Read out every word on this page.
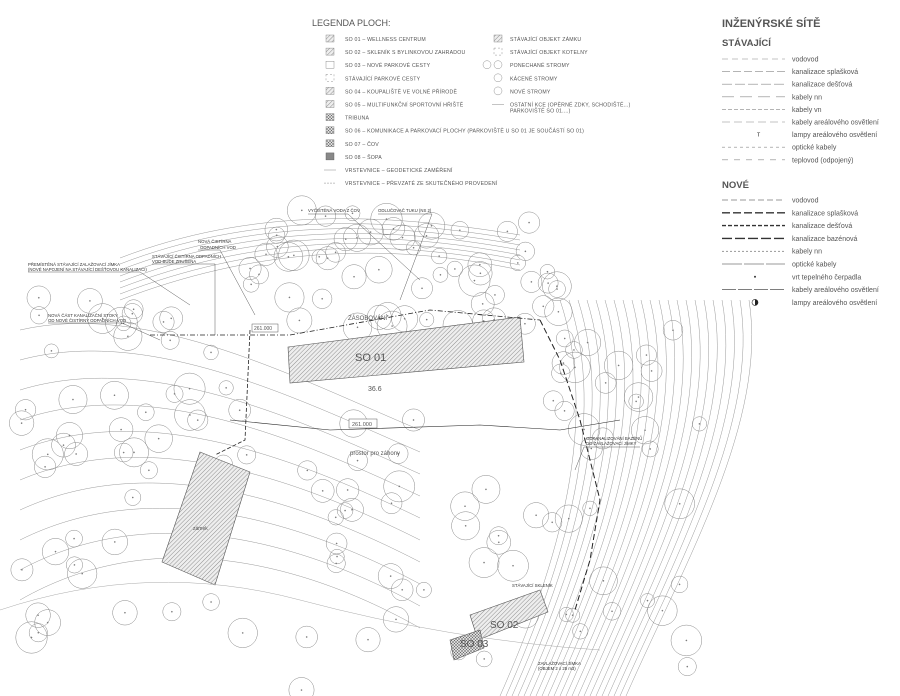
SO 01
SO 02
SO 03
ZÁSOBOVÁNÍ
36.6
261.000
261.000
prostor pro záhony
zámek
VYČIŠTĚNÁ VODA Z ČOV	ODLUČOVAČ TUKU (NS 2)
NOVÁ ČISTÍRNA
ODPADNÍCH VOD
STÁVAJÍCÍ ČISTÍRNA ODPADNÍCH
VOD BUDE ZRUŠENA
PŘEMÍSTĚNÁ STÁVAJÍCÍ ZALAŽOVACÍ JÍMKA
(NOVÉ NAPOJENÍ NA STÁVAJÍCÍ DEŠŤOVOU KANALIZACI)
NOVÁ ČÁST KANALIZAČNÍ STOKY
OD NOVÉ ČISTÍRNY ODPADNÍCH VOD
ODKANALIZOVÁNÍ BAZÉNŮ
DO ZAVLAŽOVACÍ JÍMKY
STÁVAJÍCÍ SKLENÍK
ZAVLAŽOVACÍ JÍMKA
(OBJEM 2 x 25 m3)
LEGENDA PLOCH:
SO 01 – WELLNESS CENTRUM
SO 02 – SKLENÍK S BYLINKOVOU ZAHRADOU
SO 03 – NOVÉ PARKOVÉ CESTY
STÁVAJÍCÍ PARKOVÉ CESTY
SO 04 – KOUPALIŠTĚ VE VOLNÉ PŘÍRODĚ
SO 05 – MULTIFUNKČNÍ SPORTOVNÍ HŘIŠTĚ
TRIBUNA
SO 06 – KOMUNIKACE A PARKOVACÍ PLOCHY (PARKOVIŠTĚ U SO 01 JE SOUČÁSTÍ SO 01)
SO 07 – ČOV
SO 08 – ŠOPA
VRSTEVNICE – GEODETICKÉ ZAMĚŘENÍ
VRSTEVNICE – PŘEVZATÉ ZE SKUTEČNÉHO PROVEDENÍ
STÁVAJÍCÍ OBJEKT ZÁMKU
STÁVAJÍCÍ OBJEKT KOTELNY
PONECHANÉ STROMY
KÁCENÉ STROMY
NOVÉ STROMY
OSTATNÍ KCE (OPĚRNÉ ZDKY, SCHODIŠTĚ...)
PARKOVIŠTĚ SO 01....)
INŽENÝRSKÉ SÍTĚ
STÁVAJÍCÍ
NOVÉ
vodovod
kanalizace splašková
kanalizace dešťová
kabely nn
kabely vn
kabely areálového osvětlení
ᴛ	lampy areálového osvětlení
optické kabely
teplovod (odpojený)
vodovod
kanalizace splašková
kanalizace dešťová
kanalizace bazénová
kabely nn
optické kabely
vrt tepelného čerpadla
kabely areálového osvětlení
lampy areálového osvětlení
